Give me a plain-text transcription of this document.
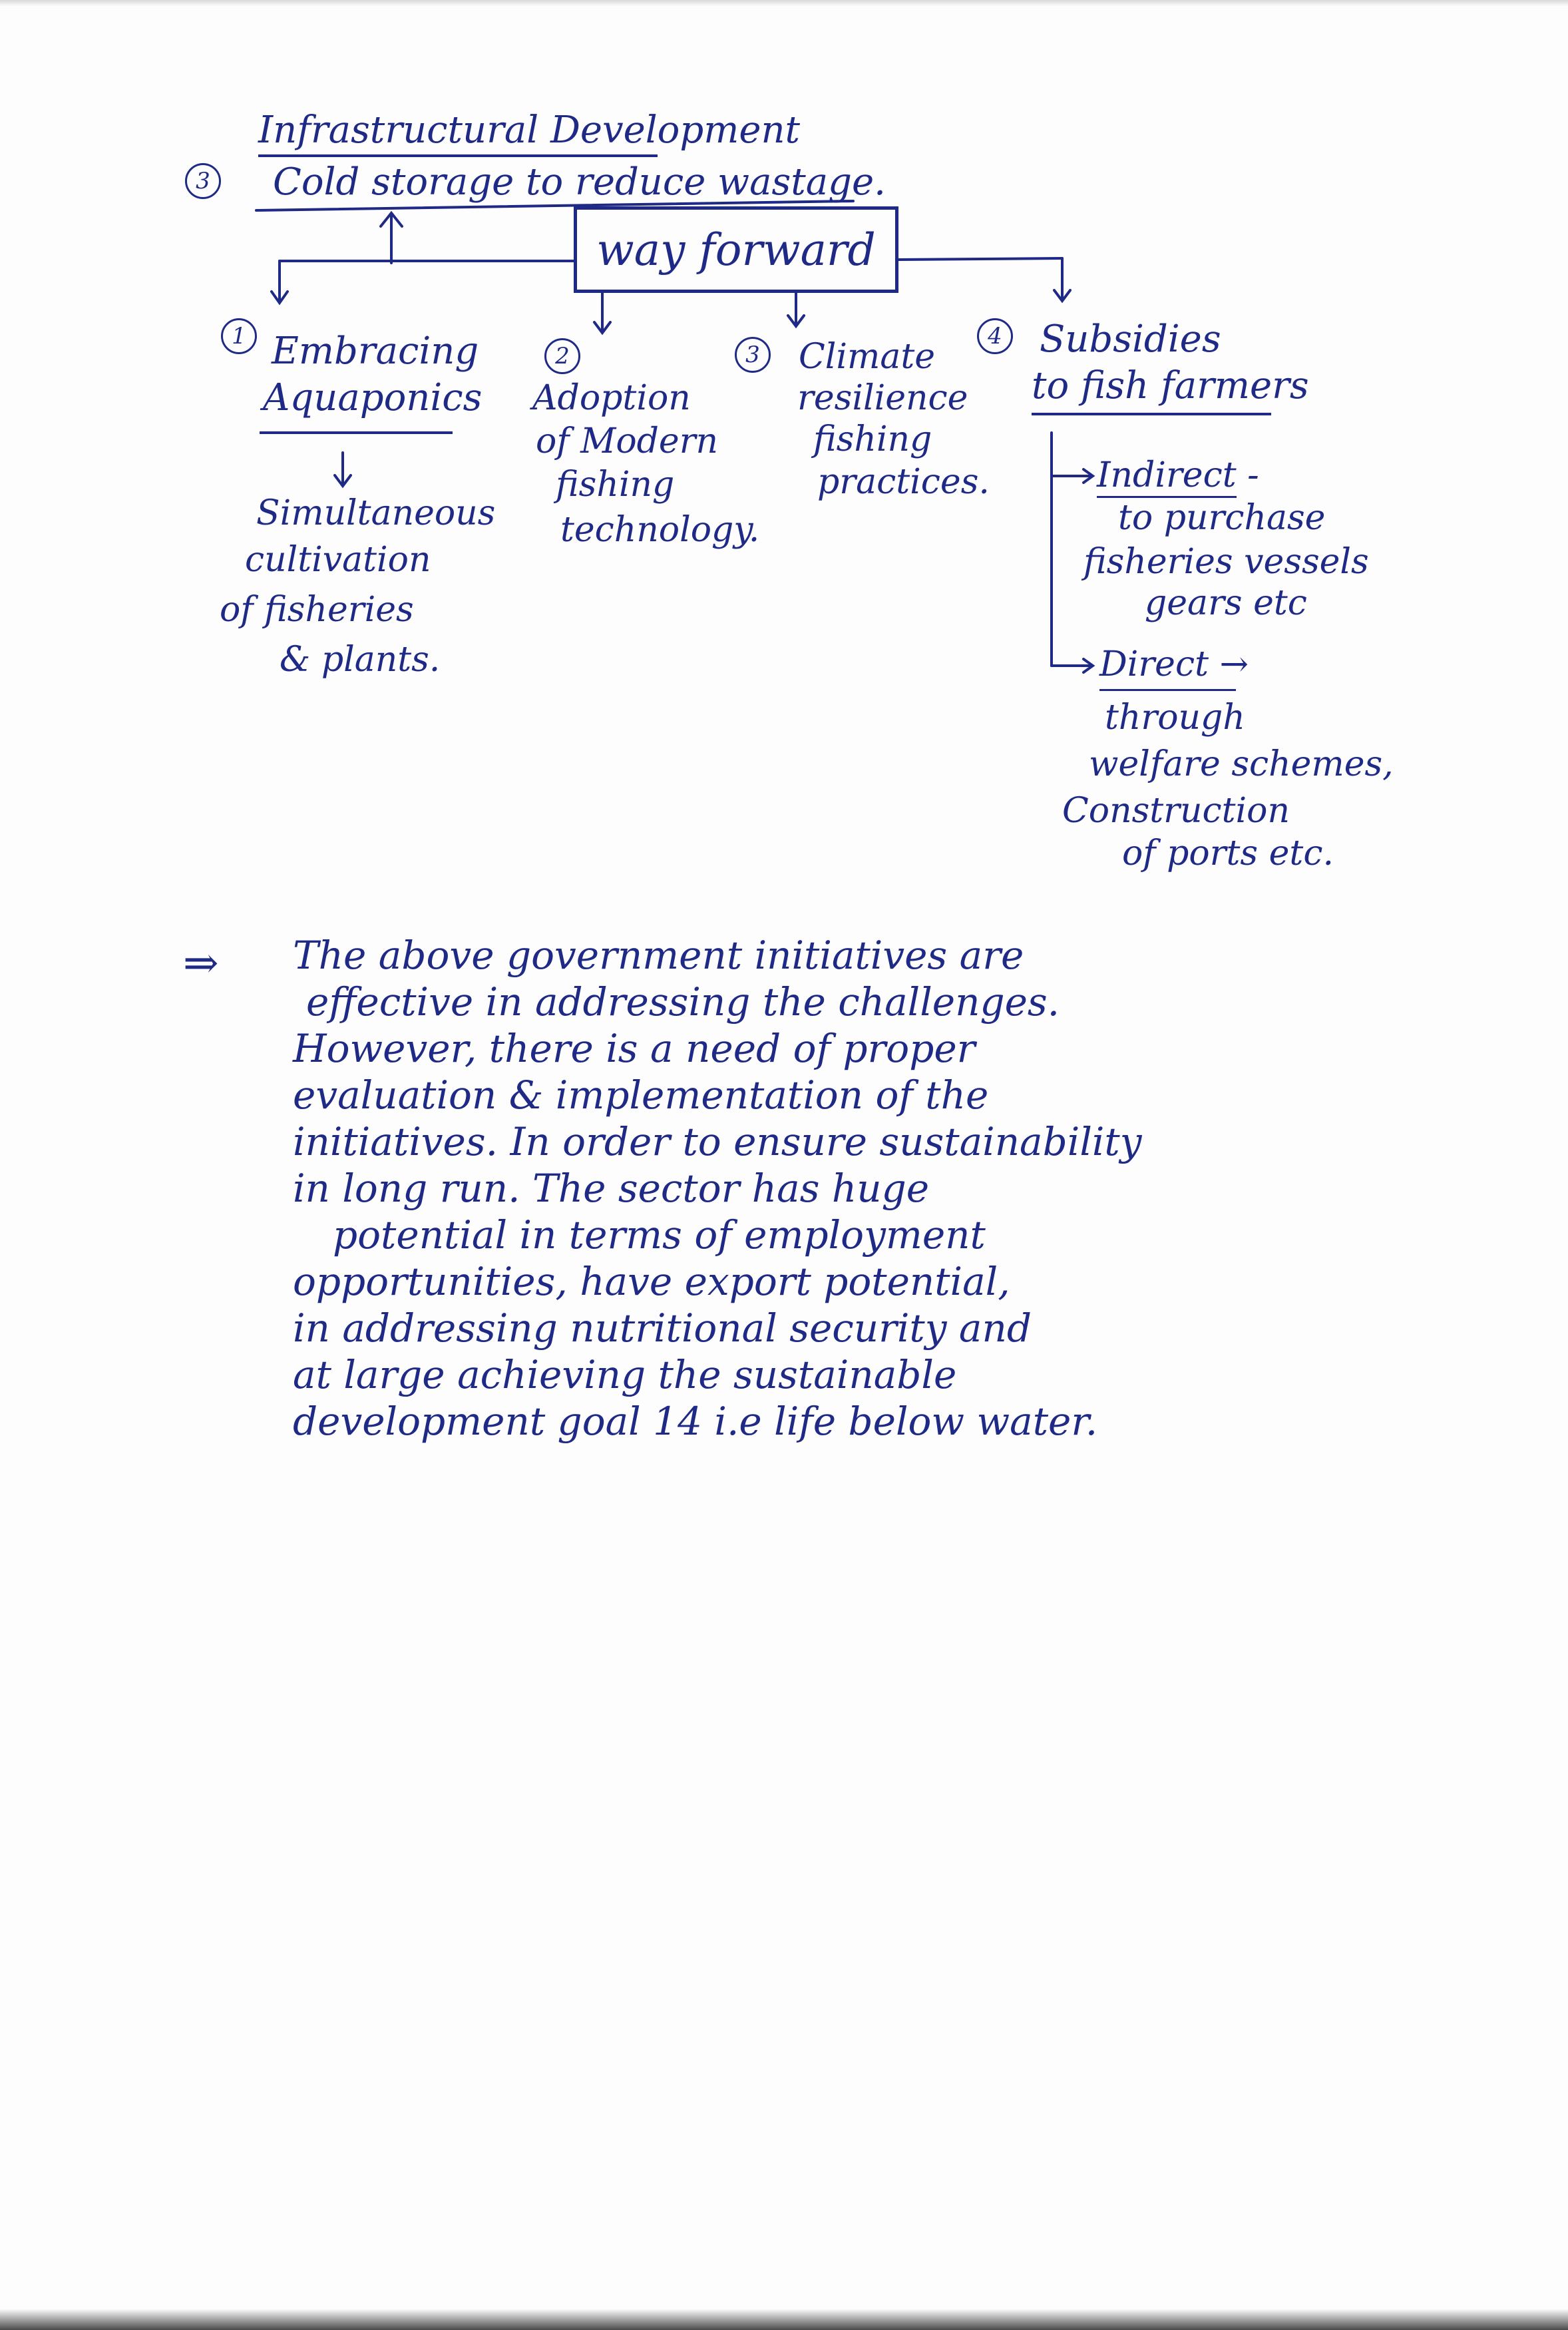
3
Infrastructural Development
Cold storage to reduce wastage.
way forward
1 Embracing
Aquaponics
Simultaneous
cultivation
of fisheries
& plants.
2
Adoption
of Modern
fishing
technology.
3	Climate
resilience
fishing
practices.
4 Subsidies
to fish farmers
Indirect -
to purchase
fisheries vessels
gears etc
Direct →
through
welfare schemes,
Construction
of ports etc.
⇒ The above government initiatives are
effective in addressing the challenges.
However, there is a need of proper
evaluation & implementation of the
initiatives. In order to ensure sustainability
in long run. The sector has huge
potential in terms of employment
opportunities, have export potential,
in addressing nutritional security and
at large achieving the sustainable
development goal 14 i.e life below water.
